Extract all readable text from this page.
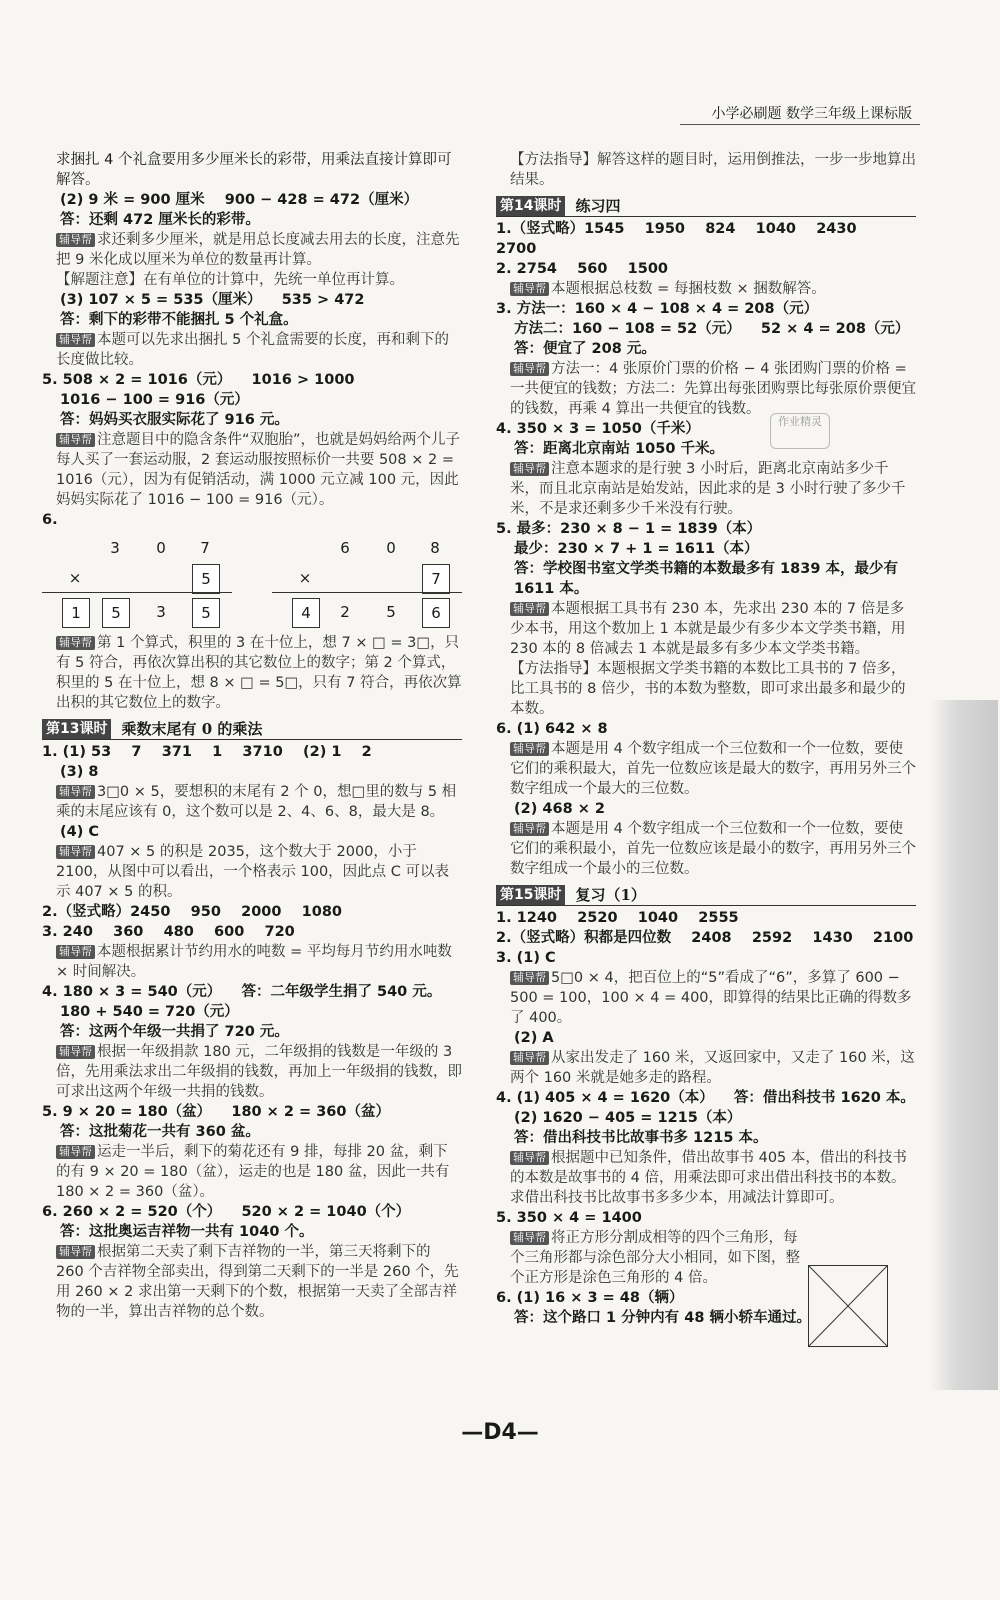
小学必刷题 数学三年级上课标版

求捆扎 4 个礼盒要用多少厘米长的彩带，用乘法直接计算即可解答。

(2) 9 米 = 900 厘米    900 − 428 = 472（厘米）

答：还剩 472 厘米长的彩带。

辅导帮 求还剩多少厘米，就是用总长度减去用去的长度，注意先把 9 米化成以厘米为单位的数量再计算。

【解题注意】在有单位的计算中，先统一单位再计算。

(3) 107 × 5 = 535（厘米）    535 > 472

答：剩下的彩带不能捆扎 5 个礼盒。

辅导帮 本题可以先求出捆扎 5 个礼盒需要的长度，再和剩下的长度做比较。

5. 508 × 2 = 1016（元）    1016 > 1000

1016 − 100 = 916（元）

答：妈妈买衣服实际花了 916 元。

辅导帮 注意题目中的隐含条件“双胞胎”，也就是妈妈给两个儿子每人买了一套运动服，2 套运动服按照标价一共要 508 × 2 = 1016（元），因为有促销活动，满 1000 元立减 100 元，因此妈妈实际花了 1016 − 100 = 916（元）。

6.

3	0	7
×	5
1	5	3	5
6	0	8
×	7
4	2	5	6

辅导帮 第 1 个算式，积里的 3 在十位上，想 7 × □ = 3□，只有 5 符合，再依次算出积的其它数位上的数字；第 2 个算式，积里的 5 在十位上，想 8 × □ = 5□，只有 7 符合，再依次算出积的其它数位上的数字。

第13课时 乘数末尾有 0 的乘法

1. (1) 53    7    371    1    3710    (2) 1    2

(3) 8

辅导帮 3□0 × 5，要想积的末尾有 2 个 0，想□里的数与 5 相乘的末尾应该有 0，这个数可以是 2、4、6、8，最大是 8。

(4) C

辅导帮 407 × 5 的积是 2035，这个数大于 2000，小于 2100，从图中可以看出，一个格表示 100，因此点 C 可以表示 407 × 5 的积。

2.（竖式略）2450    950    2000    1080

3. 240    360    480    600    720

辅导帮 本题根据累计节约用水的吨数 = 平均每月节约用水吨数 × 时间解决。

4. 180 × 3 = 540（元）    答：二年级学生捐了 540 元。

180 + 540 = 720（元）

答：这两个年级一共捐了 720 元。

辅导帮 根据一年级捐款 180 元，二年级捐的钱数是一年级的 3 倍，先用乘法求出二年级捐的钱数，再加上一年级捐的钱数，即可求出这两个年级一共捐的钱数。

5. 9 × 20 = 180（盆）    180 × 2 = 360（盆）

答：这批菊花一共有 360 盆。

辅导帮 运走一半后，剩下的菊花还有 9 排，每排 20 盆，剩下的有 9 × 20 = 180（盆），运走的也是 180 盆，因此一共有 180 × 2 = 360（盆）。

6. 260 × 2 = 520（个）    520 × 2 = 1040（个）

答：这批奥运吉祥物一共有 1040 个。

辅导帮 根据第二天卖了剩下吉祥物的一半，第三天将剩下的 260 个吉祥物全部卖出，得到第二天剩下的一半是 260 个，先用 260 × 2 求出第一天剩下的个数，根据第一天卖了全部吉祥物的一半，算出吉祥物的总个数。

【方法指导】解答这样的题目时，运用倒推法，一步一步地算出结果。

第14课时 练习四

1.（竖式略）1545    1950    824    1040    2430    2700

2. 2754    560    1500

辅导帮 本题根据总枝数 = 每捆枝数 × 捆数解答。

3. 方法一：160 × 4 − 108 × 4 = 208（元）

方法二：160 − 108 = 52（元）    52 × 4 = 208（元）

答：便宜了 208 元。

辅导帮 方法一：4 张原价门票的价格 − 4 张团购门票的价格 = 一共便宜的钱数；方法二：先算出每张团购票比每张原价票便宜的钱数，再乘 4 算出一共便宜的钱数。

4. 350 × 3 = 1050（千米）

答：距离北京南站 1050 千米。

辅导帮 注意本题求的是行驶 3 小时后，距离北京南站多少千米，而且北京南站是始发站，因此求的是 3 小时行驶了多少千米，不是求还剩多少千米没有行驶。

5. 最多：230 × 8 − 1 = 1839（本）

最少：230 × 7 + 1 = 1611（本）

答：学校图书室文学类书籍的本数最多有 1839 本，最少有 1611 本。

辅导帮 本题根据工具书有 230 本，先求出 230 本的 7 倍是多少本书，用这个数加上 1 本就是最少有多少本文学类书籍，用 230 本的 8 倍减去 1 本就是最多有多少本文学类书籍。

【方法指导】本题根据文学类书籍的本数比工具书的 7 倍多，比工具书的 8 倍少，书的本数为整数，即可求出最多和最少的本数。

6. (1) 642 × 8

辅导帮 本题是用 4 个数字组成一个三位数和一个一位数，要使它们的乘积最大，首先一位数应该是最大的数字，再用另外三个数字组成一个最大的三位数。

(2) 468 × 2

辅导帮 本题是用 4 个数字组成一个三位数和一个一位数，要使它们的乘积最小，首先一位数应该是最小的数字，再用另外三个数字组成一个最小的三位数。

第15课时 复习（1）

1. 1240    2520    1040    2555

2.（竖式略）积都是四位数    2408    2592    1430    2100

3. (1) C

辅导帮 5□0 × 4，把百位上的“5”看成了“6”，多算了 600 − 500 = 100，100 × 4 = 400，即算得的结果比正确的得数多了 400。

(2) A

辅导帮 从家出发走了 160 米，又返回家中，又走了 160 米，这两个 160 米就是她多走的路程。

4. (1) 405 × 4 = 1620（本）    答：借出科技书 1620 本。

(2) 1620 − 405 = 1215（本）

答：借出科技书比故事书多 1215 本。

辅导帮 根据题中已知条件，借出故事书 405 本，借出的科技书的本数是故事书的 4 倍，用乘法即可求出借出科技书的本数。求借出科技书比故事书多多少本，用减法计算即可。

5. 350 × 4 = 1400

辅导帮 将正方形分割成相等的四个三角形，每个三角形都与涂色部分大小相同，如下图，整个正方形是涂色三角形的 4 倍。

6. (1) 16 × 3 = 48（辆）

答：这个路口 1 分钟内有 48 辆小轿车通过。

作业精灵
—D4—
